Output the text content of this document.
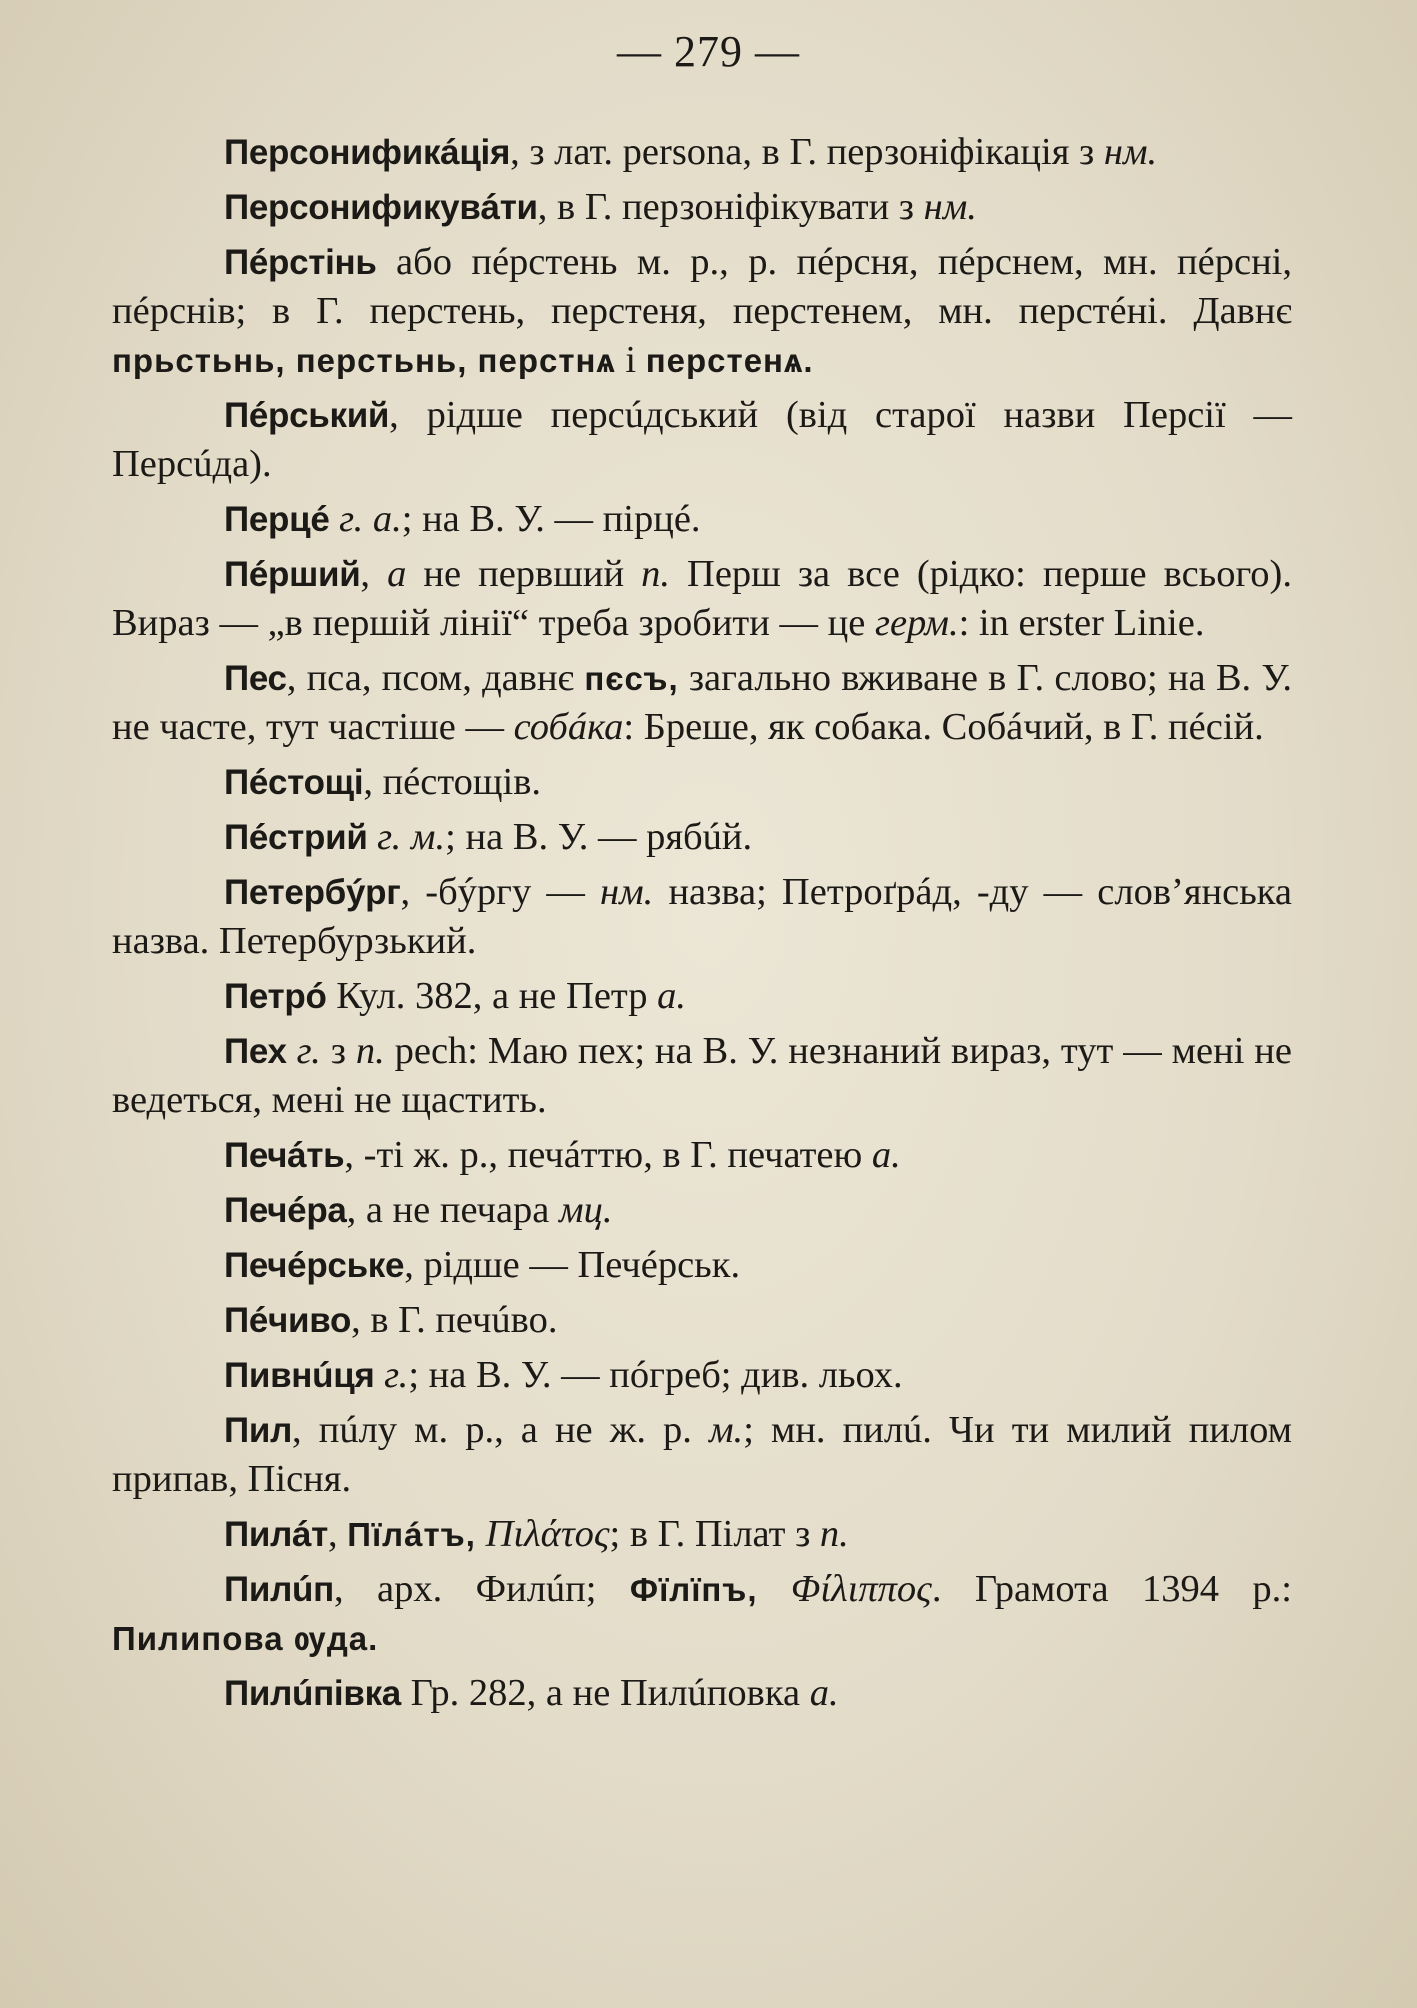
— 279 —

Персонификáція, з лат. persona, в Г. перзоніфікація з нм.

Персонификувáти, в Г. перзоніфікувати з нм.

Пéрстінь або пéрстень м. р., р. пéрсня, пéрснем, мн. пéрсні, пéрснів; в Г. перстень, перстеня, перстенем, мн. перстéні. Давнє прьстьнь, перстьнь, перстнѧ і перстенѧ.

Пéрський, рідше персúдський (від старої назви Персії — Персúда).

Перцé г. а.; на В. У. — пірцé.

Пéрший, а не первший п. Перш за все (рідко: перше всього). Вираз — „в першій лінії“ треба зробити — це герм.: in erster Linie.

Пес, пса, псом, давнє пєсъ, загально вживане в Г. слово; на В. У. не часте, тут частіше — собáка: Бреше, як собака. Собáчий, в Г. пéсій.

Пéстощі, пéстощів.

Пéстрий г. м.; на В. У. — рябúй.

Петербýрг, -бýргу — нм. назва; Петроґрáд, -ду — слов’янська назва. Петербурзький.

Петрó Кул. 382, а не Петр а.

Пех г. з п. pech: Маю пех; на В. У. незнаний вираз, тут — мені не ведеться, мені не щастить.

Печáть, -ті ж. р., печáттю, в Г. печатею а.

Печéра, а не печара мц.

Печéрське, рідше — Печéрськ.

Пéчиво, в Г. печúво.

Пивнúця г.; на В. У. — пóгреб; див. льох.

Пил, пúлу м. р., а не ж. р. м.; мн. пилú. Чи ти милий пилом припав, Пісня.

Пилáт, Пïлáтъ, Πιλάτος; в Г. Пілат з п.

Пилúп, арх. Филúп; Фïлïпъ, Φίλιππος. Грамота 1394 р.: Пилипова ѹда.

Пилúпівка Гр. 282, а не Пилúповка а.
